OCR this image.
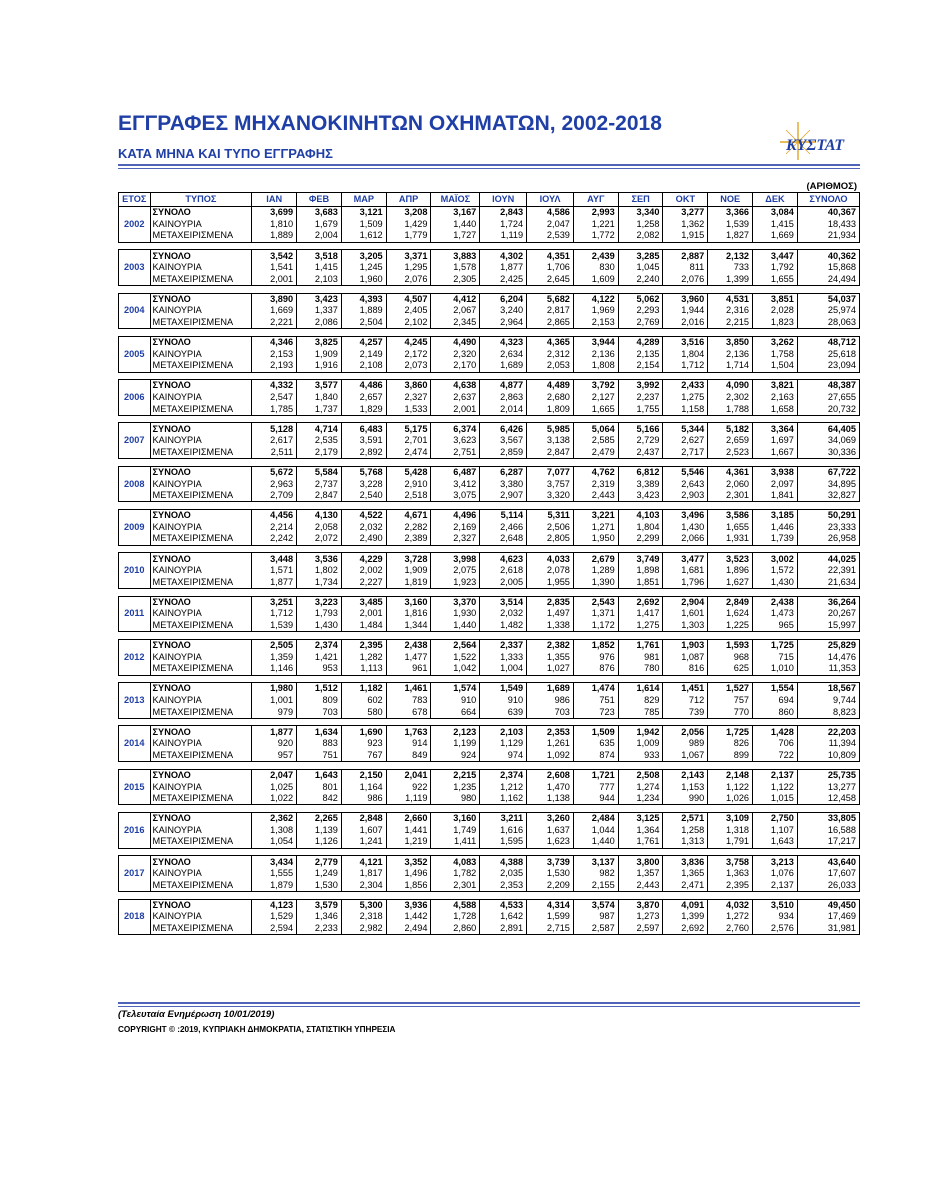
ΕΓΓΡΑΦΕΣ ΜΗΧΑΝΟΚΙΝΗΤΩΝ ΟΧΗΜΑΤΩΝ, 2002-2018
ΚΑΤΑ ΜΗΝΑ ΚΑΙ ΤΥΠΟ ΕΓΓΡΑΦΗΣ	ΚΥΣΤΑΤ
(ΑΡΙΘΜΟΣ)
ΕΤΟΣ	ΤΥΠΟΣ	ΙΑΝ	ΦΕΒ	ΜΑΡ	ΑΠΡ	ΜΑΪΟΣ	ΙΟΥΝ	ΙΟΥΛ	ΑΥΓ	ΣΕΠ	ΟΚΤ	ΝΟΕ	ΔΕΚ	ΣΥΝΟΛΟ
2002	ΣΥΝΟΛΟ	3,699	3,683	3,121	3,208	3,167	2,843	4,586	2,993	3,340	3,277	3,366	3,084	40,367
	ΚΑΙΝΟΥΡΙΑ	1,810	1,679	1,509	1,429	1,440	1,724	2,047	1,221	1,258	1,362	1,539	1,415	18,433
	ΜΕΤΑΧΕΙΡΙΣΜΕΝΑ	1,889	2,004	1,612	1,779	1,727	1,119	2,539	1,772	2,082	1,915	1,827	1,669	21,934

2003	ΣΥΝΟΛΟ	3,542	3,518	3,205	3,371	3,883	4,302	4,351	2,439	3,285	2,887	2,132	3,447	40,362
	ΚΑΙΝΟΥΡΙΑ	1,541	1,415	1,245	1,295	1,578	1,877	1,706	830	1,045	811	733	1,792	15,868
	ΜΕΤΑΧΕΙΡΙΣΜΕΝΑ	2,001	2,103	1,960	2,076	2,305	2,425	2,645	1,609	2,240	2,076	1,399	1,655	24,494

2004	ΣΥΝΟΛΟ	3,890	3,423	4,393	4,507	4,412	6,204	5,682	4,122	5,062	3,960	4,531	3,851	54,037
	ΚΑΙΝΟΥΡΙΑ	1,669	1,337	1,889	2,405	2,067	3,240	2,817	1,969	2,293	1,944	2,316	2,028	25,974
	ΜΕΤΑΧΕΙΡΙΣΜΕΝΑ	2,221	2,086	2,504	2,102	2,345	2,964	2,865	2,153	2,769	2,016	2,215	1,823	28,063

2005	ΣΥΝΟΛΟ	4,346	3,825	4,257	4,245	4,490	4,323	4,365	3,944	4,289	3,516	3,850	3,262	48,712
	ΚΑΙΝΟΥΡΙΑ	2,153	1,909	2,149	2,172	2,320	2,634	2,312	2,136	2,135	1,804	2,136	1,758	25,618
	ΜΕΤΑΧΕΙΡΙΣΜΕΝΑ	2,193	1,916	2,108	2,073	2,170	1,689	2,053	1,808	2,154	1,712	1,714	1,504	23,094

2006	ΣΥΝΟΛΟ	4,332	3,577	4,486	3,860	4,638	4,877	4,489	3,792	3,992	2,433	4,090	3,821	48,387
	ΚΑΙΝΟΥΡΙΑ	2,547	1,840	2,657	2,327	2,637	2,863	2,680	2,127	2,237	1,275	2,302	2,163	27,655
	ΜΕΤΑΧΕΙΡΙΣΜΕΝΑ	1,785	1,737	1,829	1,533	2,001	2,014	1,809	1,665	1,755	1,158	1,788	1,658	20,732

2007	ΣΥΝΟΛΟ	5,128	4,714	6,483	5,175	6,374	6,426	5,985	5,064	5,166	5,344	5,182	3,364	64,405
	ΚΑΙΝΟΥΡΙΑ	2,617	2,535	3,591	2,701	3,623	3,567	3,138	2,585	2,729	2,627	2,659	1,697	34,069
	ΜΕΤΑΧΕΙΡΙΣΜΕΝΑ	2,511	2,179	2,892	2,474	2,751	2,859	2,847	2,479	2,437	2,717	2,523	1,667	30,336

2008	ΣΥΝΟΛΟ	5,672	5,584	5,768	5,428	6,487	6,287	7,077	4,762	6,812	5,546	4,361	3,938	67,722
	ΚΑΙΝΟΥΡΙΑ	2,963	2,737	3,228	2,910	3,412	3,380	3,757	2,319	3,389	2,643	2,060	2,097	34,895
	ΜΕΤΑΧΕΙΡΙΣΜΕΝΑ	2,709	2,847	2,540	2,518	3,075	2,907	3,320	2,443	3,423	2,903	2,301	1,841	32,827

2009	ΣΥΝΟΛΟ	4,456	4,130	4,522	4,671	4,496	5,114	5,311	3,221	4,103	3,496	3,586	3,185	50,291
	ΚΑΙΝΟΥΡΙΑ	2,214	2,058	2,032	2,282	2,169	2,466	2,506	1,271	1,804	1,430	1,655	1,446	23,333
	ΜΕΤΑΧΕΙΡΙΣΜΕΝΑ	2,242	2,072	2,490	2,389	2,327	2,648	2,805	1,950	2,299	2,066	1,931	1,739	26,958

2010	ΣΥΝΟΛΟ	3,448	3,536	4,229	3,728	3,998	4,623	4,033	2,679	3,749	3,477	3,523	3,002	44,025
	ΚΑΙΝΟΥΡΙΑ	1,571	1,802	2,002	1,909	2,075	2,618	2,078	1,289	1,898	1,681	1,896	1,572	22,391
	ΜΕΤΑΧΕΙΡΙΣΜΕΝΑ	1,877	1,734	2,227	1,819	1,923	2,005	1,955	1,390	1,851	1,796	1,627	1,430	21,634

2011	ΣΥΝΟΛΟ	3,251	3,223	3,485	3,160	3,370	3,514	2,835	2,543	2,692	2,904	2,849	2,438	36,264
	ΚΑΙΝΟΥΡΙΑ	1,712	1,793	2,001	1,816	1,930	2,032	1,497	1,371	1,417	1,601	1,624	1,473	20,267
	ΜΕΤΑΧΕΙΡΙΣΜΕΝΑ	1,539	1,430	1,484	1,344	1,440	1,482	1,338	1,172	1,275	1,303	1,225	965	15,997

2012	ΣΥΝΟΛΟ	2,505	2,374	2,395	2,438	2,564	2,337	2,382	1,852	1,761	1,903	1,593	1,725	25,829
	ΚΑΙΝΟΥΡΙΑ	1,359	1,421	1,282	1,477	1,522	1,333	1,355	976	981	1,087	968	715	14,476
	ΜΕΤΑΧΕΙΡΙΣΜΕΝΑ	1,146	953	1,113	961	1,042	1,004	1,027	876	780	816	625	1,010	11,353

2013	ΣΥΝΟΛΟ	1,980	1,512	1,182	1,461	1,574	1,549	1,689	1,474	1,614	1,451	1,527	1,554	18,567
	ΚΑΙΝΟΥΡΙΑ	1,001	809	602	783	910	910	986	751	829	712	757	694	9,744
	ΜΕΤΑΧΕΙΡΙΣΜΕΝΑ	979	703	580	678	664	639	703	723	785	739	770	860	8,823

2014	ΣΥΝΟΛΟ	1,877	1,634	1,690	1,763	2,123	2,103	2,353	1,509	1,942	2,056	1,725	1,428	22,203
	ΚΑΙΝΟΥΡΙΑ	920	883	923	914	1,199	1,129	1,261	635	1,009	989	826	706	11,394
	ΜΕΤΑΧΕΙΡΙΣΜΕΝΑ	957	751	767	849	924	974	1,092	874	933	1,067	899	722	10,809

2015	ΣΥΝΟΛΟ	2,047	1,643	2,150	2,041	2,215	2,374	2,608	1,721	2,508	2,143	2,148	2,137	25,735
	ΚΑΙΝΟΥΡΙΑ	1,025	801	1,164	922	1,235	1,212	1,470	777	1,274	1,153	1,122	1,122	13,277
	ΜΕΤΑΧΕΙΡΙΣΜΕΝΑ	1,022	842	986	1,119	980	1,162	1,138	944	1,234	990	1,026	1,015	12,458

2016	ΣΥΝΟΛΟ	2,362	2,265	2,848	2,660	3,160	3,211	3,260	2,484	3,125	2,571	3,109	2,750	33,805
	ΚΑΙΝΟΥΡΙΑ	1,308	1,139	1,607	1,441	1,749	1,616	1,637	1,044	1,364	1,258	1,318	1,107	16,588
	ΜΕΤΑΧΕΙΡΙΣΜΕΝΑ	1,054	1,126	1,241	1,219	1,411	1,595	1,623	1,440	1,761	1,313	1,791	1,643	17,217

2017	ΣΥΝΟΛΟ	3,434	2,779	4,121	3,352	4,083	4,388	3,739	3,137	3,800	3,836	3,758	3,213	43,640
	ΚΑΙΝΟΥΡΙΑ	1,555	1,249	1,817	1,496	1,782	2,035	1,530	982	1,357	1,365	1,363	1,076	17,607
	ΜΕΤΑΧΕΙΡΙΣΜΕΝΑ	1,879	1,530	2,304	1,856	2,301	2,353	2,209	2,155	2,443	2,471	2,395	2,137	26,033

2018	ΣΥΝΟΛΟ	4,123	3,579	5,300	3,936	4,588	4,533	4,314	3,574	3,870	4,091	4,032	3,510	49,450
	ΚΑΙΝΟΥΡΙΑ	1,529	1,346	2,318	1,442	1,728	1,642	1,599	987	1,273	1,399	1,272	934	17,469
	ΜΕΤΑΧΕΙΡΙΣΜΕΝΑ	2,594	2,233	2,982	2,494	2,860	2,891	2,715	2,587	2,597	2,692	2,760	2,576	31,981
(Τελευταία Ενημέρωση 10/01/2019)
COPYRIGHT © :2019, ΚΥΠΡΙΑΚΗ ΔΗΜΟΚΡΑΤΙΑ, ΣΤΑΤΙΣΤΙΚΗ ΥΠΗΡΕΣΙΑ
